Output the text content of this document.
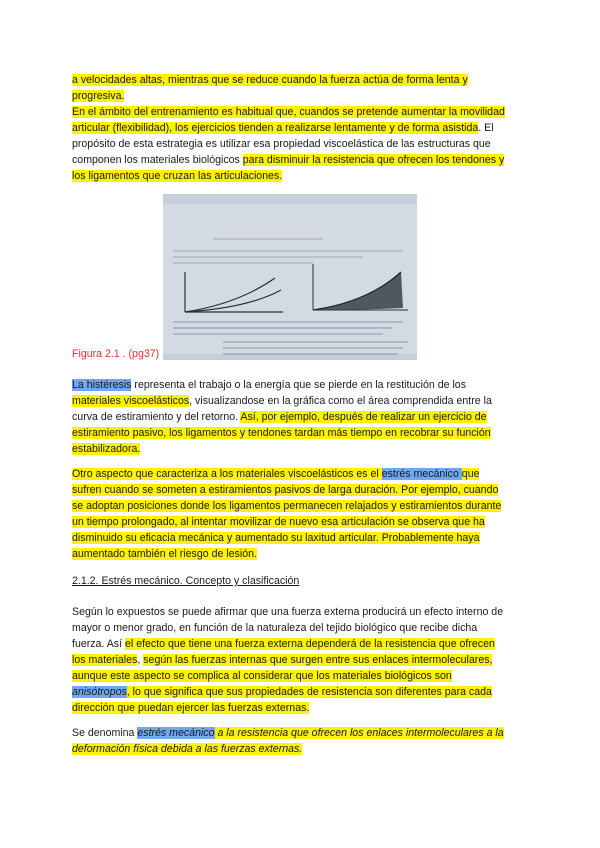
a velocidades altas, mientras que se reduce cuando la fuerza actúa de forma lenta y
progresiva.
En el ámbito del entrenamiento es habitual que, cuandos se pretende aumentar la movilidad
articular (flexibilidad), los ejercicios tienden a realizarse lentamente y de forma asistida. El
propósito de esta estrategia es utilizar esa propiedad viscoelástica de las estructuras que
componen los materiales biológicos para disminuir la resistencia que ofrecen los tendones y
los ligamentos que cruzan las articulaciones.
Figura 2.1 . (pg37)
La histéresis representa el trabajo o la energía que se pierde en la restitución de los
materiales viscoelásticos, visualizandose en la gráfica como el área comprendida entre la
curva de estiramiento y del retorno. Así, por ejemplo, después de realizar un ejercicio de
estiramiento pasivo, los ligamentos y tendones tardan más tiempo en recobrar su función
estabilizadora.
Otro aspecto que caracteriza a los materiales viscoelásticos es el estrés mecánico que
sufren cuando se someten a estiramientos pasivos de larga duración. Por ejemplo, cuando
se adoptan posiciones donde los ligamentos permanecen relajados y estiramientos durante
un tiempo prolongado, al intentar movilizar de nuevo esa articulación se observa que ha
disminuido su eficacia mecánica y aumentado su laxitud articular. Probablemente haya
aumentado también el riesgo de lesión.
2.1.2. Estrés mecánico. Concepto y clasificación
Según lo expuestos se puede afirmar que una fuerza externa producirá un efecto interno de
mayor o menor grado, en función de la naturaleza del tejido biológico que recibe dicha
fuerza. Así el efecto que tiene una fuerza externa dependerá de la resistencia que ofrecen
los materiales, según las fuerzas internas que surgen entre sus enlaces intermoleculares,
aunque este aspecto se complica al considerar que los materiales biológicos son
anisótropos, lo que significa que sus propiedades de resistencia son diferentes para cada
dirección que puedan ejercer las fuerzas externas.
Se denomina estrés mecánico a la resistencia que ofrecen los enlaces intermoleculares a la
deformación física debida a las fuerzas externas.
